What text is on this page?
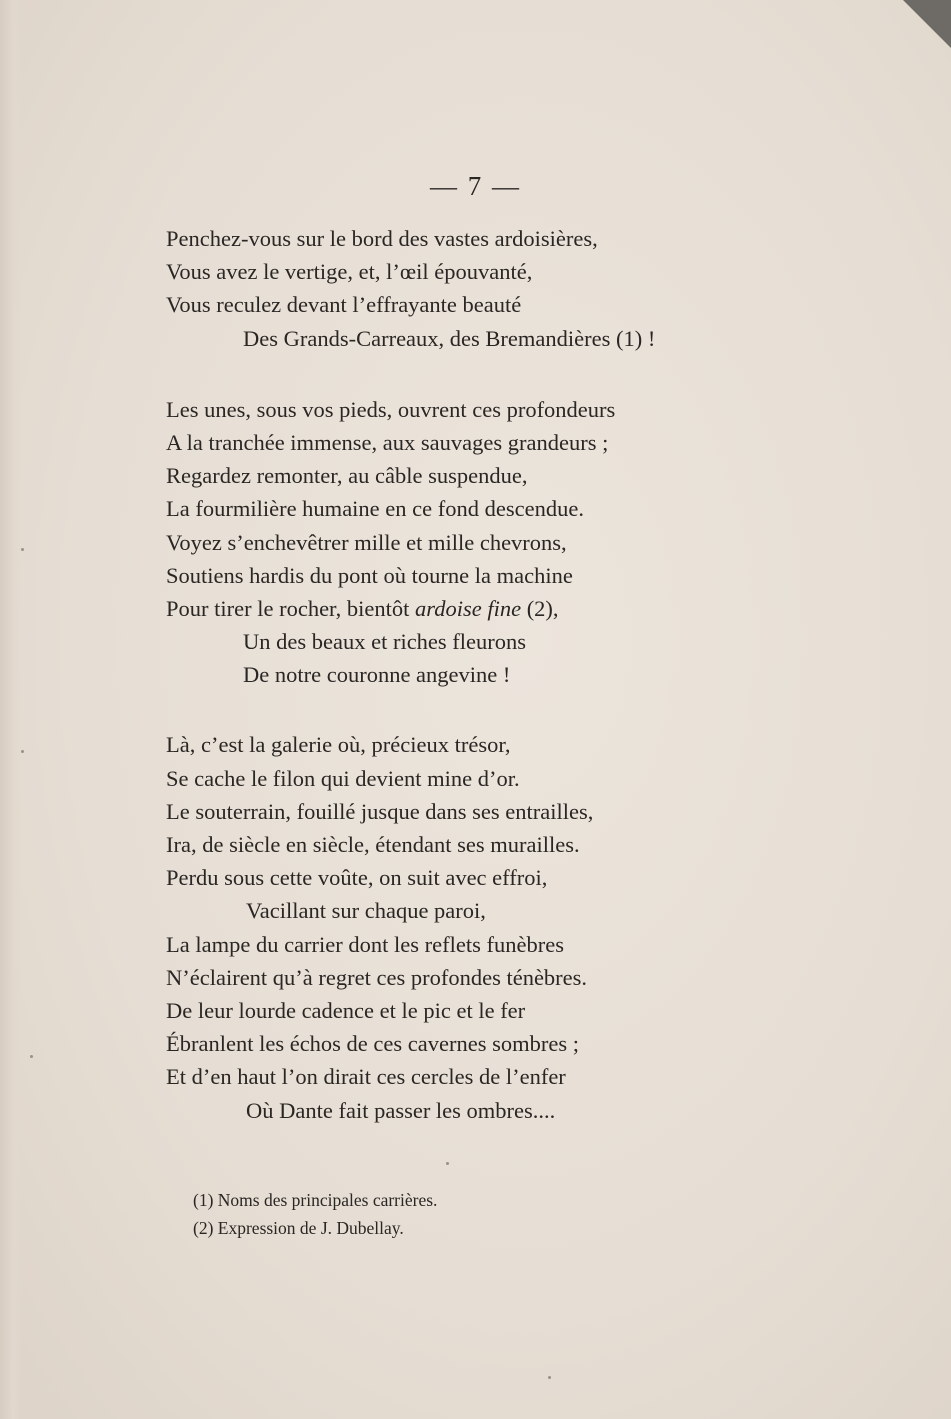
— 7 —
Penchez-vous sur le bord des vastes ardoisières,
Vous avez le vertige, et, l’œil épouvanté,
Vous reculez devant l’effrayante beauté
Des Grands-Carreaux, des Bremandières (1) !
Les unes, sous vos pieds, ouvrent ces profondeurs
A la tranchée immense, aux sauvages grandeurs ;
Regardez remonter, au câble suspendue,
La fourmilière humaine en ce fond descendue.
Voyez s’enchevêtrer mille et mille chevrons,
Soutiens hardis du pont où tourne la machine
Pour tirer le rocher, bientôt ardoise fine (2),
Un des beaux et riches fleurons
De notre couronne angevine !
Là, c’est la galerie où, précieux trésor,
Se cache le filon qui devient mine d’or.
Le souterrain, fouillé jusque dans ses entrailles,
Ira, de siècle en siècle, étendant ses murailles.
Perdu sous cette voûte, on suit avec effroi,
Vacillant sur chaque paroi,
La lampe du carrier dont les reflets funèbres
N’éclairent qu’à regret ces profondes ténèbres.
De leur lourde cadence et le pic et le fer
Ébranlent les échos de ces cavernes sombres ;
Et d’en haut l’on dirait ces cercles de l’enfer
Où Dante fait passer les ombres....
(1) Noms des principales carrières.
(2) Expression de J. Dubellay.
